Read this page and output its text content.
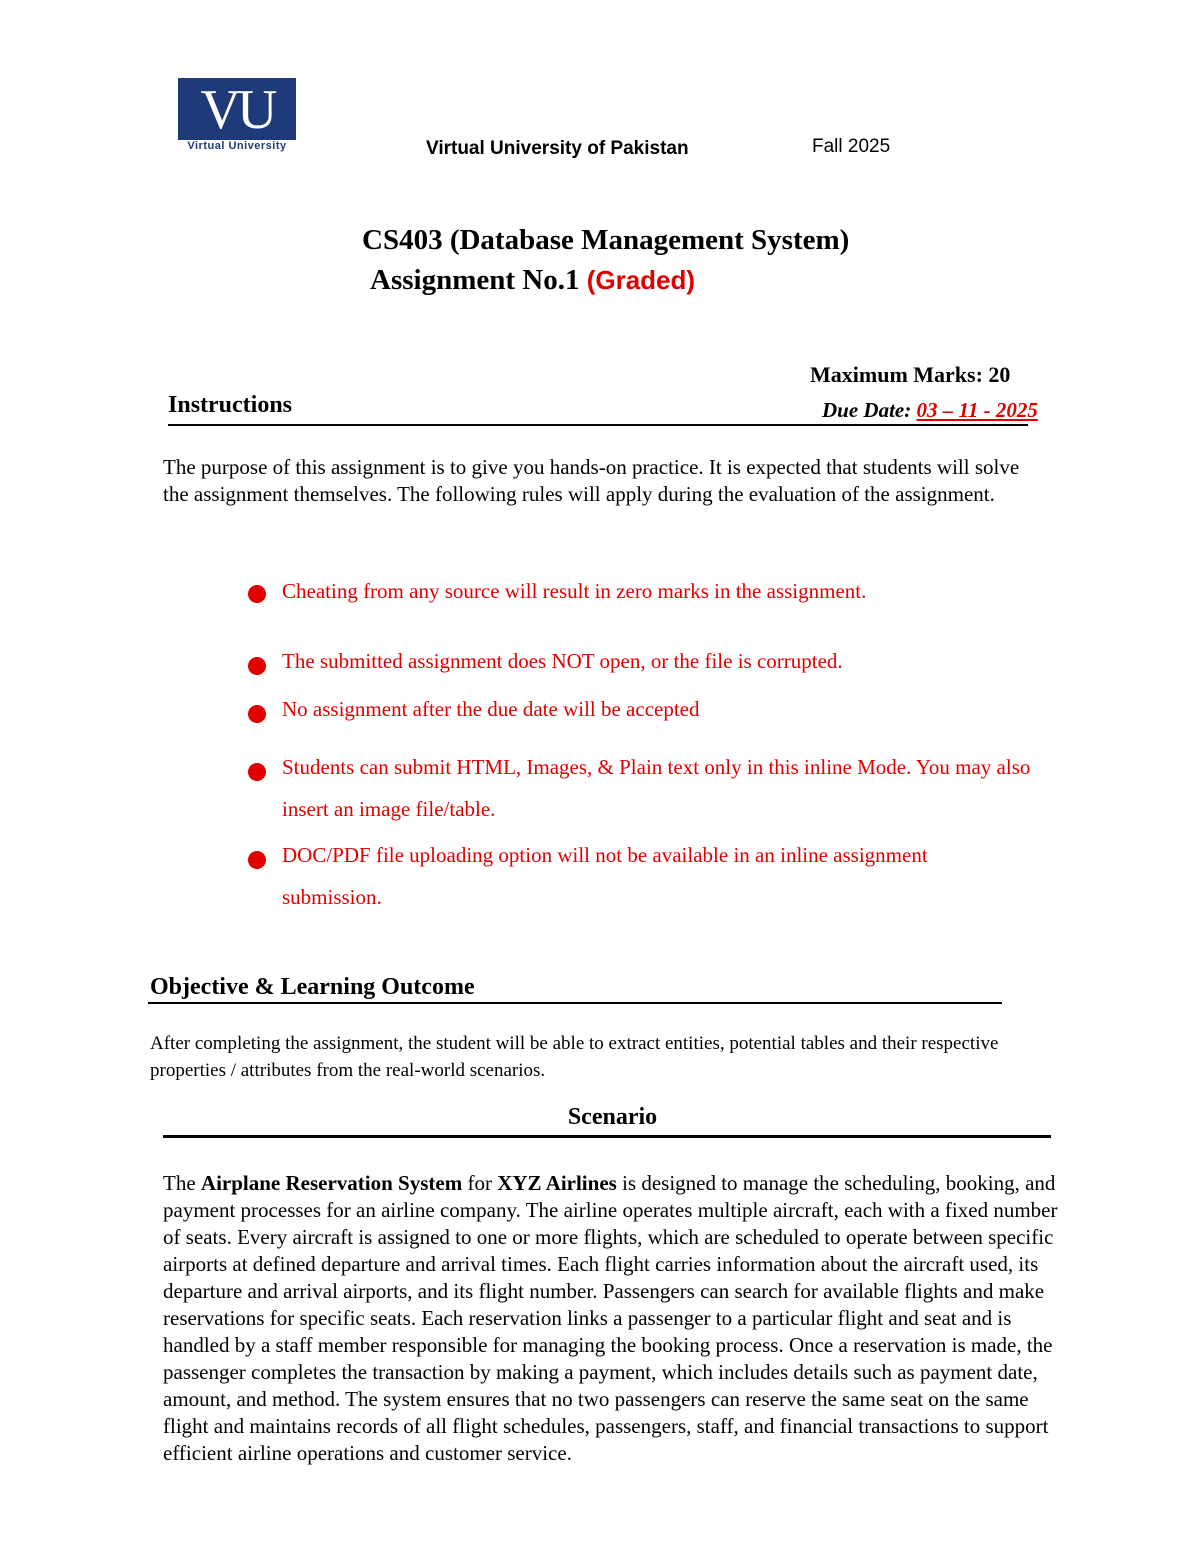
VU
Virtual University	Virtual University of Pakistan	Fall 2025
CS403 (Database Management System)
Assignment No.1 (Graded)
Maximum Marks: 20
Instructions	Due Date: 03 – 11 - 2025
The purpose of this assignment is to give you hands-on practice. It is expected that students will solve the assignment themselves. The following rules will apply during the evaluation of the assignment.
Cheating from any source will result in zero marks in the assignment.
The submitted assignment does NOT open, or the file is corrupted.
No assignment after the due date will be accepted
Students can submit HTML, Images, & Plain text only in this inline Mode. You may also insert an image file/table.
DOC/PDF file uploading option will not be available in an inline assignment submission.
Objective & Learning Outcome
After completing the assignment, the student will be able to extract entities, potential tables and their respective properties / attributes from the real-world scenarios.
Scenario
The Airplane Reservation System for XYZ Airlines is designed to manage the scheduling, booking, and payment processes for an airline company. The airline operates multiple aircraft, each with a fixed number of seats. Every aircraft is assigned to one or more flights, which are scheduled to operate between specific airports at defined departure and arrival times. Each flight carries information about the aircraft used, its departure and arrival airports, and its flight number. Passengers can search for available flights and make reservations for specific seats. Each reservation links a passenger to a particular flight and seat and is handled by a staff member responsible for managing the booking process. Once a reservation is made, the passenger completes the transaction by making a payment, which includes details such as payment date, amount, and method. The system ensures that no two passengers can reserve the same seat on the same flight and maintains records of all flight schedules, passengers, staff, and financial transactions to support efficient airline operations and customer service.
